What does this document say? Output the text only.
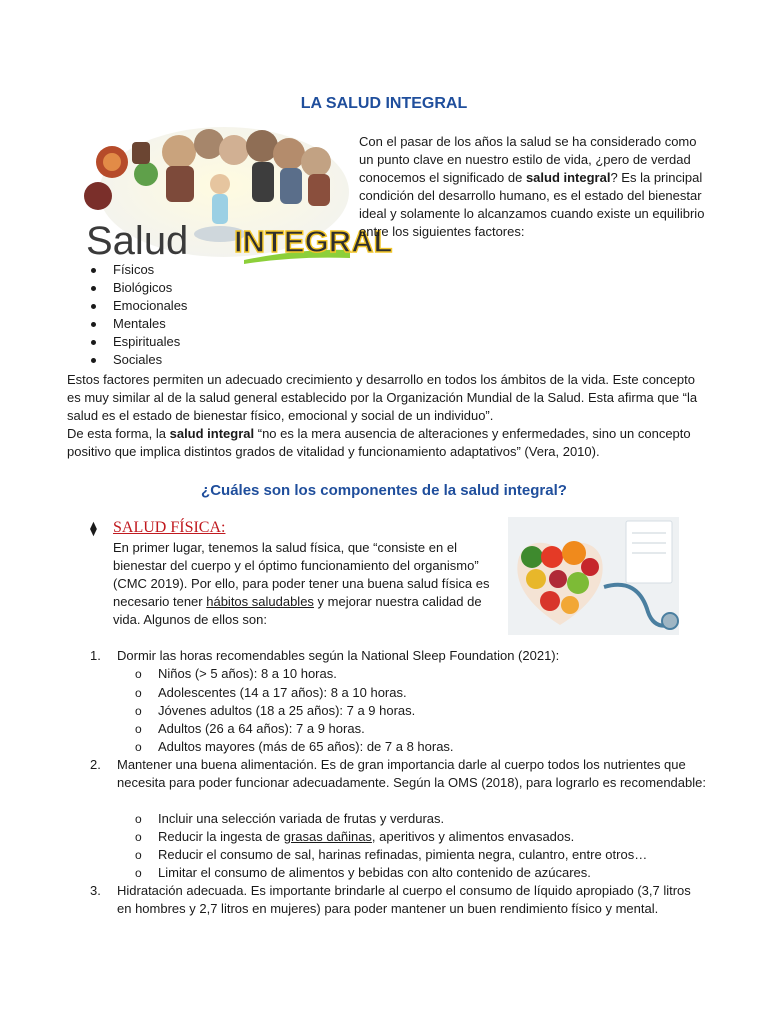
LA SALUD INTEGRAL
Salud INTEGRAL
Con el pasar de los años la salud se ha considerado como un punto clave en nuestro estilo de vida, ¿pero de verdad conocemos el significado de salud integral? Es la principal condición del desarrollo humano, es el estado del bienestar ideal y solamente lo alcanzamos cuando existe un equilibrio entre los siguientes factores:
Físicos
Biológicos
Emocionales
Mentales
Espirituales
Sociales
Estos factores permiten un adecuado crecimiento y desarrollo en todos los ámbitos de la vida. Este concepto es muy similar al de la salud general establecido por la Organización Mundial de la Salud. Esta afirma que “la salud es el estado de bienestar físico, emocional y social de un individuo”.
De esta forma, la salud integral “no es la mera ausencia de alteraciones y enfermedades, sino un concepto positivo que implica distintos grados de vitalidad y funcionamiento adaptativos” (Vera, 2010).
¿Cuáles son los componentes de la salud integral?
⧫ SALUD FÍSICA:
En primer lugar, tenemos la salud física, que “consiste en el bienestar del cuerpo y el óptimo funcionamiento del organismo” (CMC 2019). Por ello, para poder tener una buena salud física es necesario tener hábitos saludables y mejorar nuestra calidad de vida. Algunos de ellos son:
1. Dormir las horas recomendables según la National Sleep Foundation (2021):
o Niños (> 5 años): 8 a 10 horas.
o Adolescentes (14 a 17 años): 8 a 10 horas.
o Jóvenes adultos (18 a 25 años): 7 a 9 horas.
o Adultos (26 a 64 años): 7 a 9 horas.
o Adultos mayores (más de 65 años): de 7 a 8 horas.
2. Mantener una buena alimentación. Es de gran importancia darle al cuerpo todos los nutrientes que necesita para poder funcionar adecuadamente. Según la OMS (2018), para lograrlo es recomendable:
o Incluir una selección variada de frutas y verduras.
o Reducir la ingesta de grasas dañinas, aperitivos y alimentos envasados.
o Reducir el consumo de sal, harinas refinadas, pimienta negra, culantro, entre otros…
o Limitar el consumo de alimentos y bebidas con alto contenido de azúcares.
3. Hidratación adecuada. Es importante brindarle al cuerpo el consumo de líquido apropiado (3,7 litros en hombres y 2,7 litros en mujeres) para poder mantener un buen rendimiento físico y mental.
